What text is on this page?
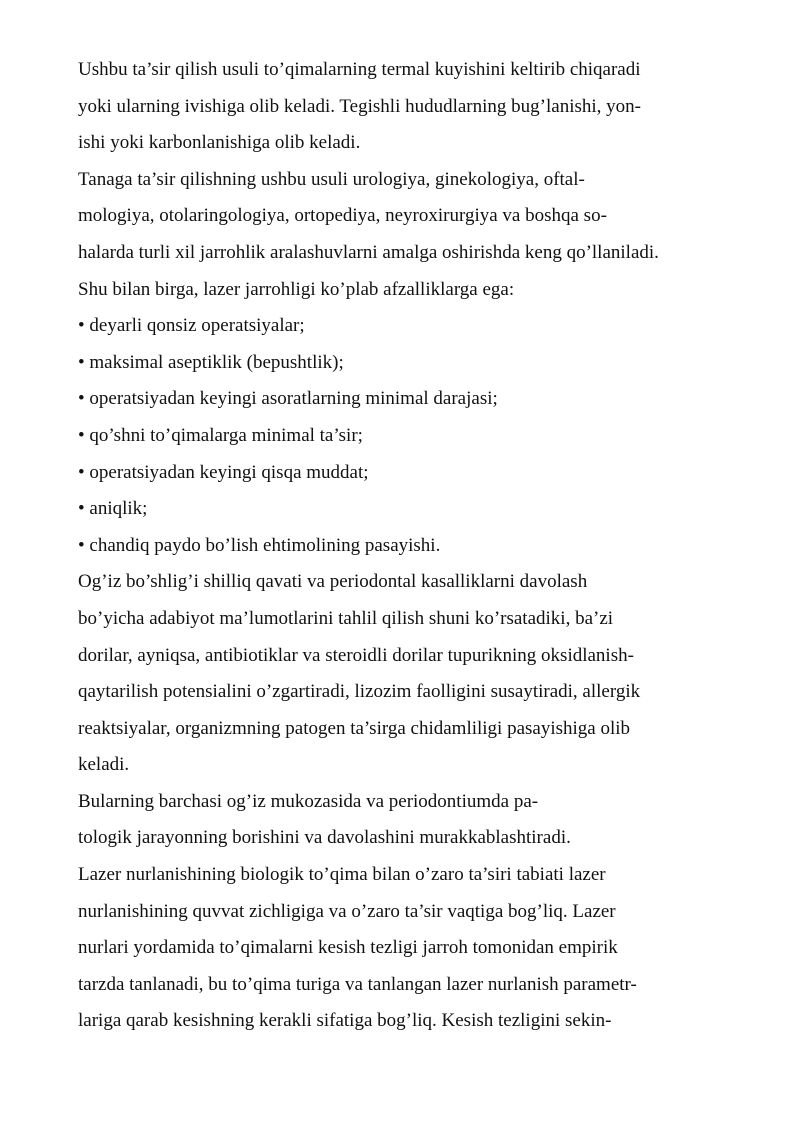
Ushbu ta’sir qilish usuli to’qimalarning termal kuyishini keltirib chiqaradi
yoki ularning ivishiga olib keladi. Tegishli hududlarning bug’lanishi, yon-
ishi yoki karbonlanishiga olib keladi.
Tanaga ta’sir qilishning ushbu usuli urologiya, ginekologiya, oftal-
mologiya, otolaringologiya, ortopediya, neyroxirurgiya va boshqa so-
halarda turli xil jarrohlik aralashuvlarni amalga oshirishda keng qo’llaniladi.
Shu bilan birga, lazer jarrohligi ko’plab afzalliklarga ega:
• deyarli qonsiz operatsiyalar;
• maksimal aseptiklik (bepushtlik);
• operatsiyadan keyingi asoratlarning minimal darajasi;
• qo’shni to’qimalarga minimal ta’sir;
• operatsiyadan keyingi qisqa muddat;
• aniqlik;
• chandiq paydo bo’lish ehtimolining pasayishi.
Og’iz bo’shlig’i shilliq qavati va periodontal kasalliklarni davolash
bo’yicha adabiyot ma’lumotlarini tahlil qilish shuni ko’rsatadiki, ba’zi
dorilar, ayniqsa, antibiotiklar va steroidli dorilar tupurikning oksidlanish-
qaytarilish potensialini o’zgartiradi, lizozim faolligini susaytiradi, allergik
reaktsiyalar, organizmning patogen ta’sirga chidamliligi pasayishiga olib
keladi.
Bularning barchasi og’iz mukozasida va periodontiumda pa-
tologik jarayonning borishini va davolashini murakkablashtiradi.
Lazer nurlanishining biologik to’qima bilan o’zaro ta’siri tabiati lazer
nurlanishining quvvat zichligiga va o’zaro ta’sir vaqtiga bog’liq. Lazer
nurlari yordamida to’qimalarni kesish tezligi jarroh tomonidan empirik
tarzda tanlanadi, bu to’qima turiga va tanlangan lazer nurlanish parametr-
lariga qarab kesishning kerakli sifatiga bog’liq. Kesish tezligini sekin-
